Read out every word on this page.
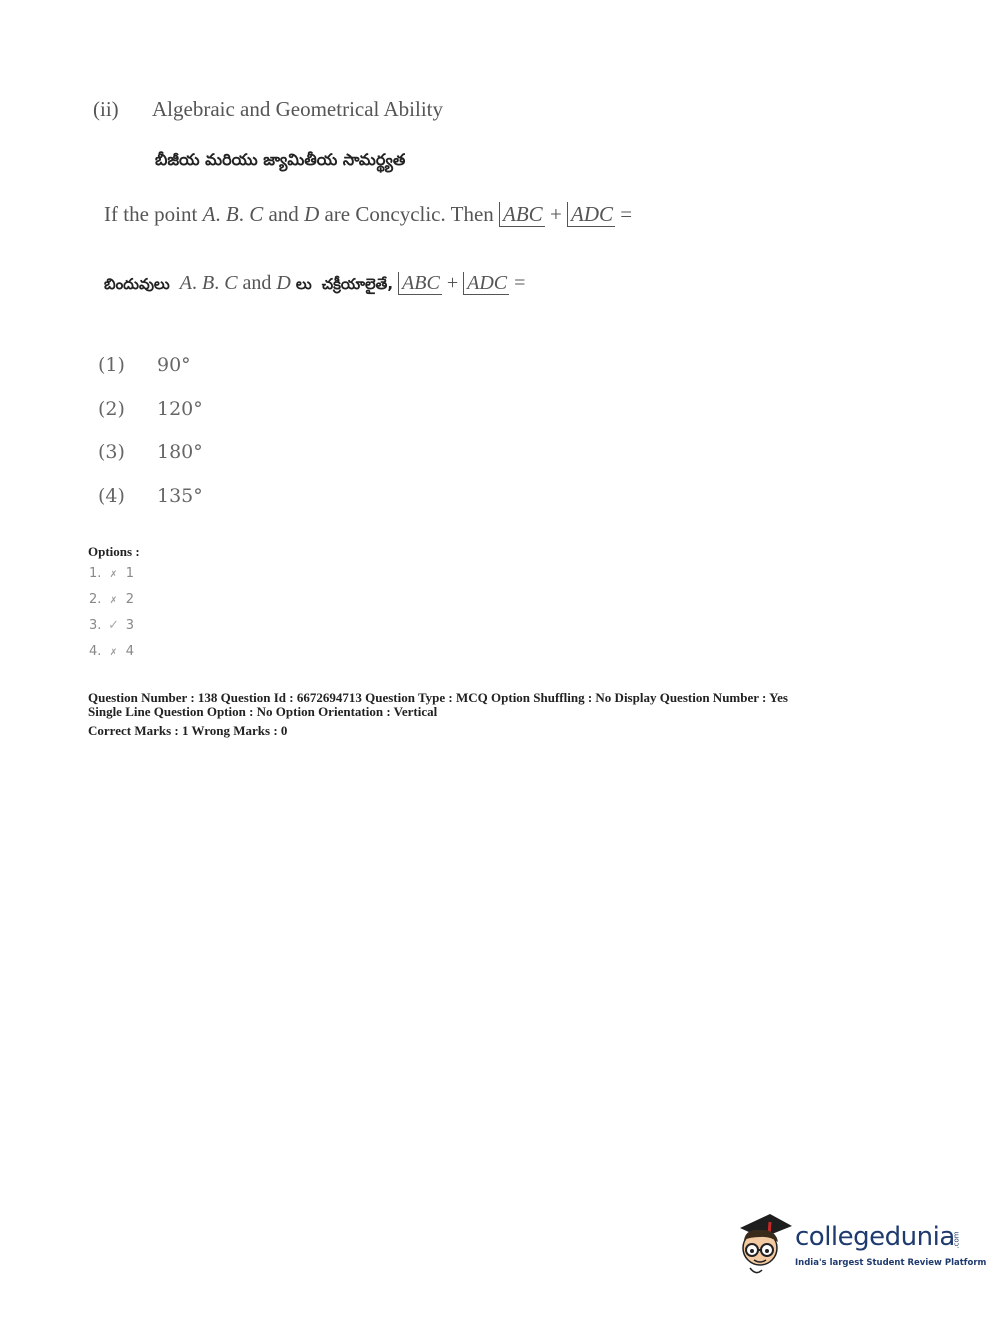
(ii) Algebraic and Geometrical Ability
బీజీయ మరియు జ్యామితీయ సామర్థ్యత
If the point A. B. C and D are Concyclic. Then ABC + ADC =
బిందువులు A. B. C and D లు చక్రీయాలైతే, ABC + ADC =
(1) 90°
(2) 120°
(3) 180°
(4) 135°
Options :
1. ✗ 1
2. ✗ 2
3. ✓ 3
4. ✗ 4
Question Number : 138 Question Id : 6672694713 Question Type : MCQ Option Shuffling : No Display Question Number : Yes
Single Line Question Option : No Option Orientation : Vertical
Correct Marks : 1 Wrong Marks : 0
collegedunia
.com
India's largest Student Review Platform
